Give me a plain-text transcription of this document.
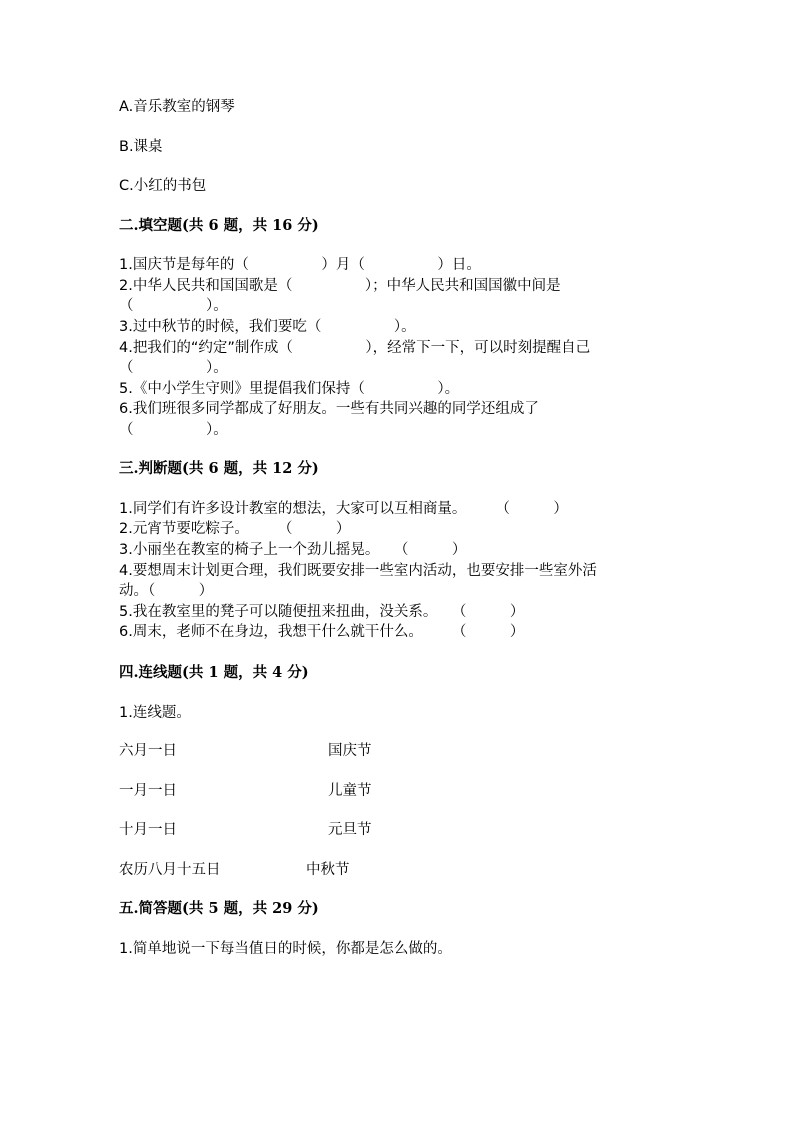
A.音乐教室的钢琴
B.课桌
C.小红的书包
二.填空题(共 6 题，共 16 分)
1.国庆节是每年的（　　　　　）月（　　　　　）日。
2.中华人民共和国国歌是（　　　　　）；中华人民共和国国徽中间是
（　　　　　）。
3.过中秋节的时候，我们要吃（　　　　　）。
4.把我们的“约定”制作成（　　　　　），经常下一下，可以时刻提醒自己
（　　　　　）。
5.《中小学生守则》里提倡我们保持（　　　　　）。
6.我们班很多同学都成了好朋友。一些有共同兴趣的同学还组成了
（　　　　　）。
三.判断题(共 6 题，共 12 分)
1.同学们有许多设计教室的想法，大家可以互相商量。　　　（　　　）
2.元宵节要吃粽子。　　　（　　　）
3.小丽坐在教室的椅子上一个劲儿摇晃。　　（　　　）
4.要想周末计划更合理，我们既要安排一些室内活动，也要安排一些室外活
动。（　　　）
5.我在教室里的凳子可以随便扭来扭曲，没关系。　　（　　　）
6.周末，老师不在身边，我想干什么就干什么。　　　（　　　）
四.连线题(共 1 题，共 4 分)
1.连线题。
六月一日	国庆节
一月一日	儿童节
十月一日	元旦节
农历八月十五日	中秋节
五.简答题(共 5 题，共 29 分)
1.简单地说一下每当值日的时候，你都是怎么做的。
